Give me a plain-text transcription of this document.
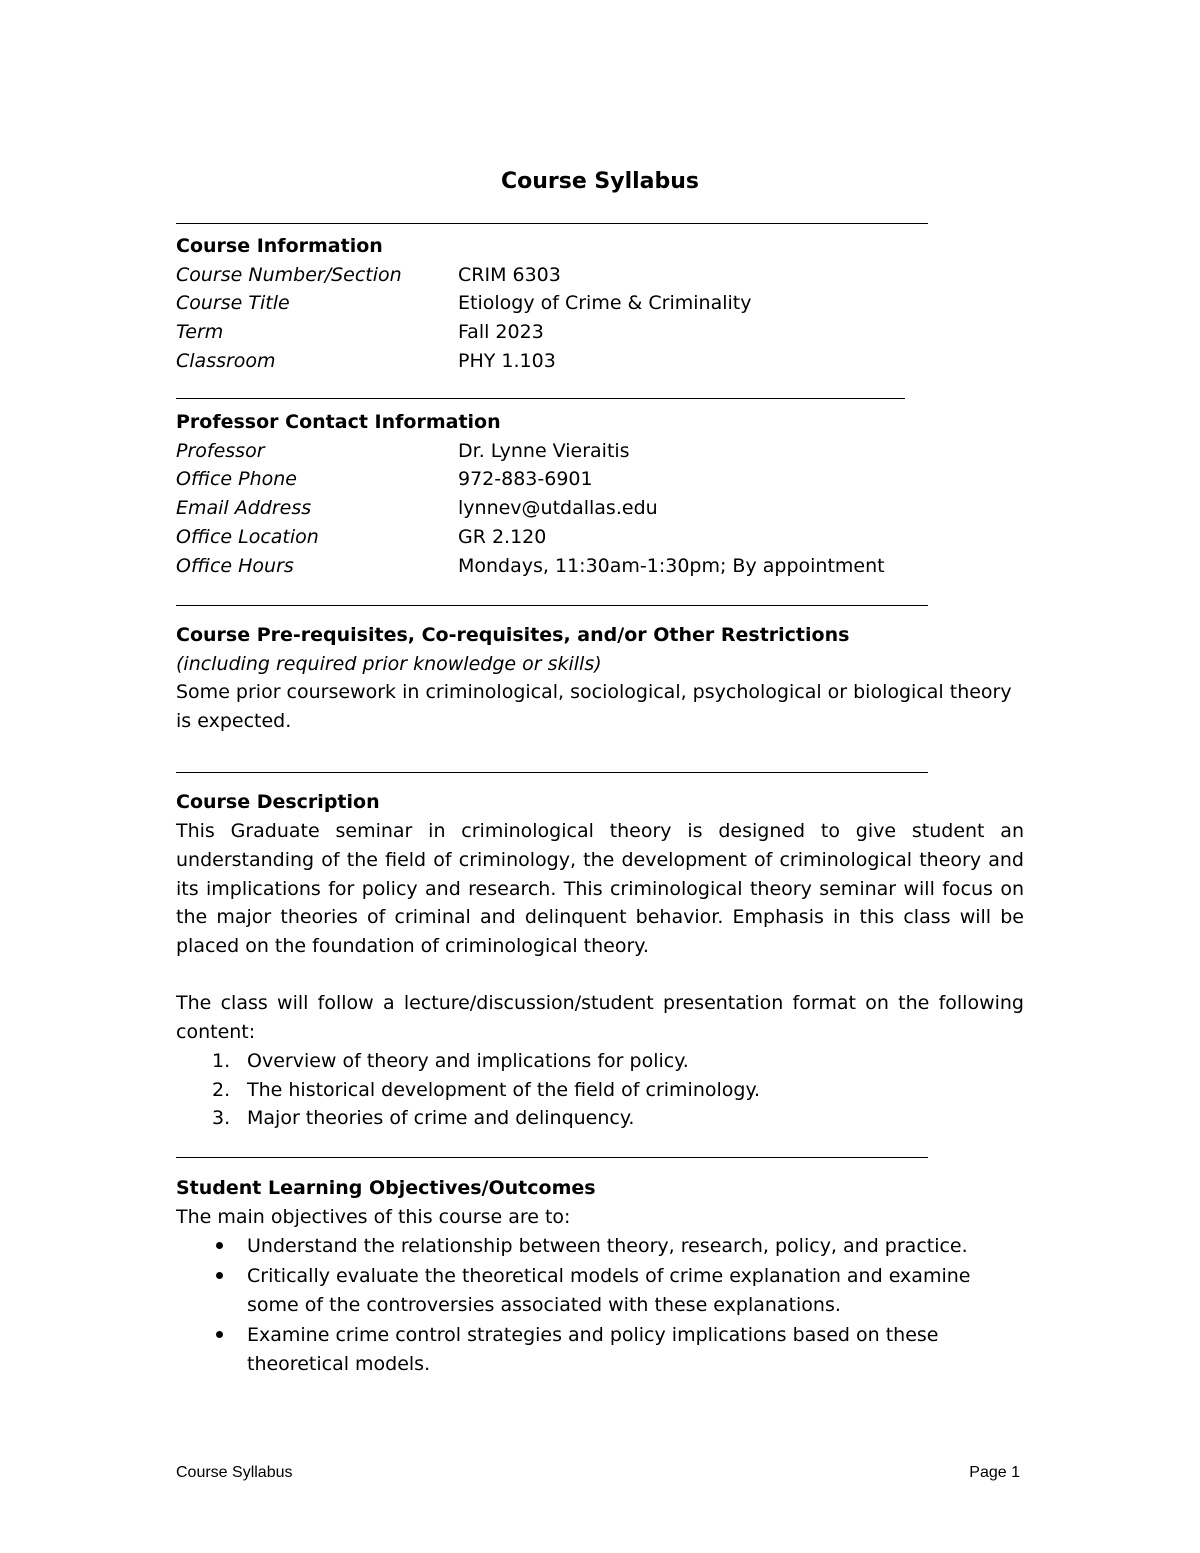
Course Syllabus
Course Information
Course Number/Section	CRIM 6303
Course Title	Etiology of Crime & Criminality
Term	Fall 2023
Classroom	PHY 1.103
Professor Contact Information
Professor	Dr. Lynne Vieraitis
Office Phone	972-883-6901
Email Address	lynnev@utdallas.edu
Office Location	GR 2.120
Office Hours	Mondays, 11:30am-1:30pm; By appointment
Course Pre-requisites, Co-requisites, and/or Other Restrictions
(including required prior knowledge or skills)
Some prior coursework in criminological, sociological, psychological or biological theory is expected.
Course Description
This Graduate seminar in criminological theory is designed to give student an understanding of the field of criminology, the development of criminological theory and its implications for policy and research. This criminological theory seminar will focus on the major theories of criminal and delinquent behavior. Emphasis in this class will be placed on the foundation of criminological theory.
The class will follow a lecture/discussion/student presentation format on the following content:
1. Overview of theory and implications for policy.
2. The historical development of the field of criminology.
3. Major theories of crime and delinquency.
Student Learning Objectives/Outcomes
The main objectives of this course are to:
Understand the relationship between theory, research, policy, and practice.
Critically evaluate the theoretical models of crime explanation and examine some of the controversies associated with these explanations.
Examine crime control strategies and policy implications based on these theoretical models.
Course Syllabus	Page 1
